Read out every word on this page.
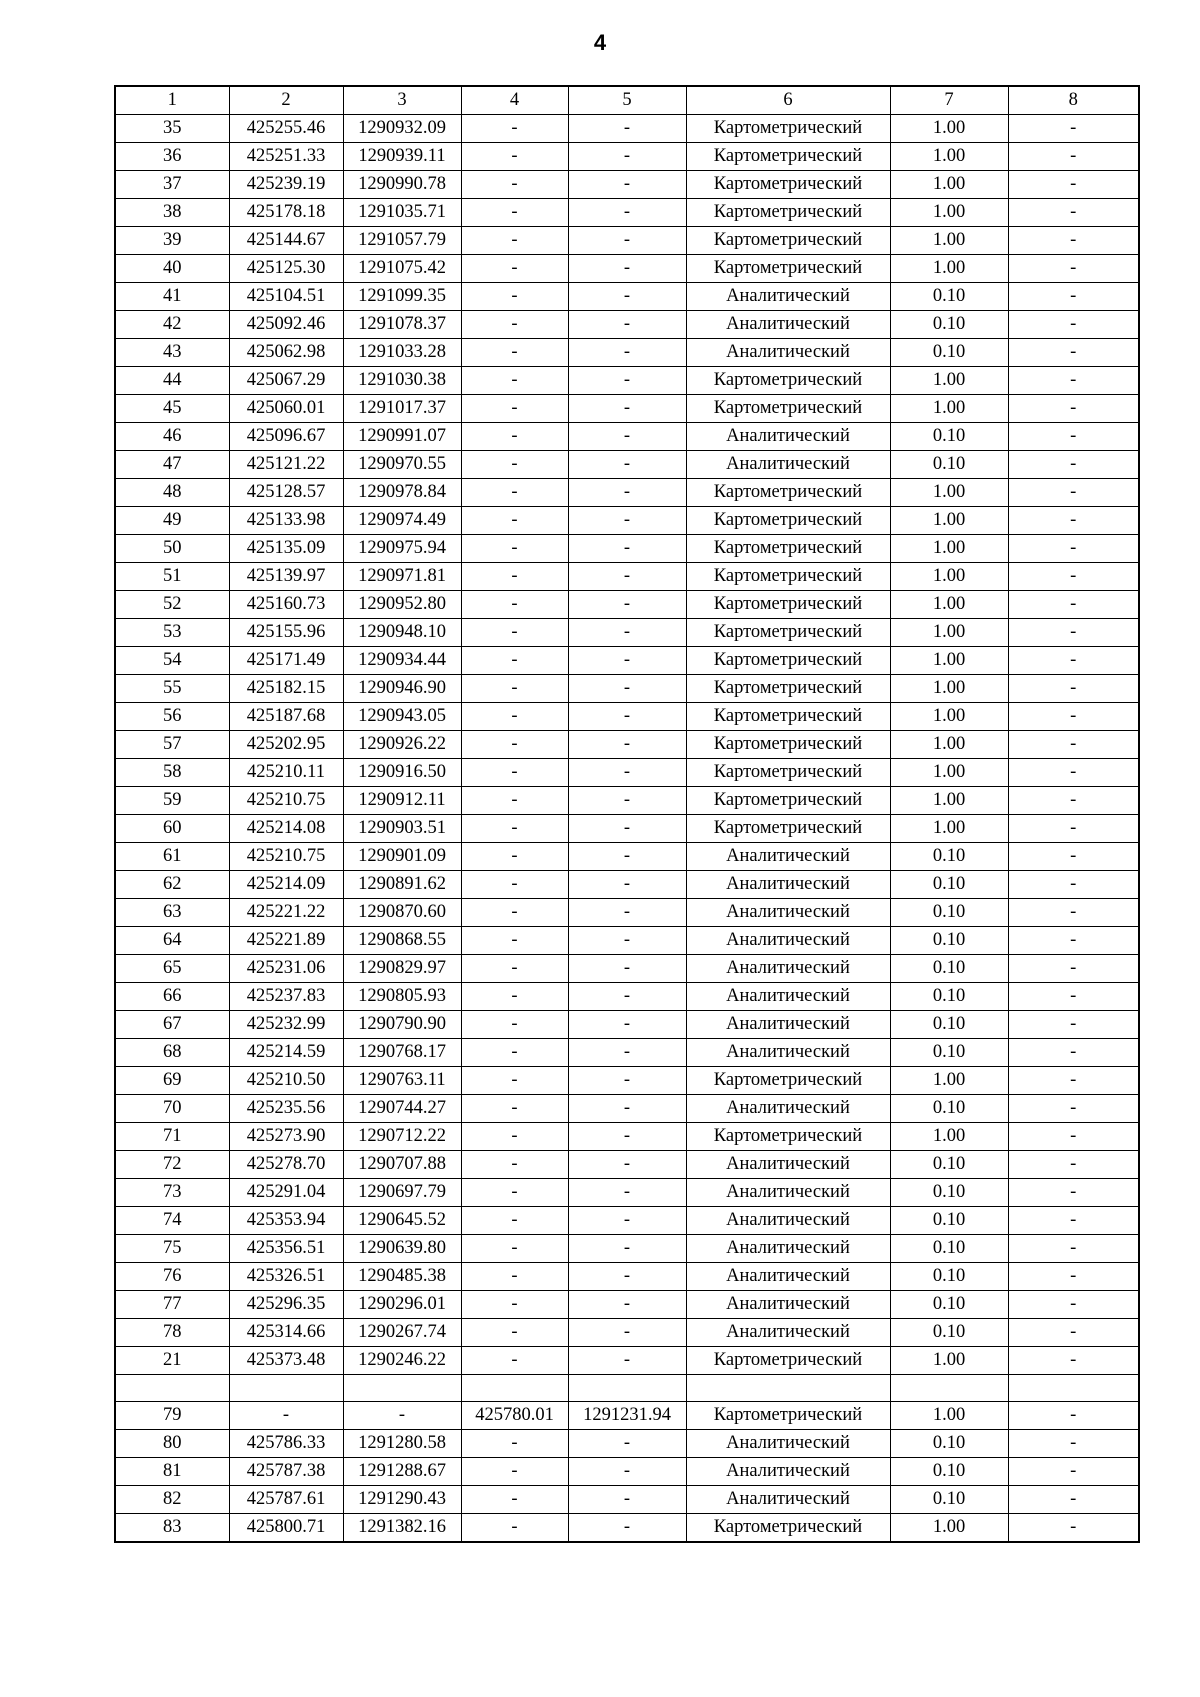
4
1	2	3	4	5	6	7	8
35	425255.46	1290932.09	-	-	Картометрический	1.00	-
36	425251.33	1290939.11	-	-	Картометрический	1.00	-
37	425239.19	1290990.78	-	-	Картометрический	1.00	-
38	425178.18	1291035.71	-	-	Картометрический	1.00	-
39	425144.67	1291057.79	-	-	Картометрический	1.00	-
40	425125.30	1291075.42	-	-	Картометрический	1.00	-
41	425104.51	1291099.35	-	-	Аналитический	0.10	-
42	425092.46	1291078.37	-	-	Аналитический	0.10	-
43	425062.98	1291033.28	-	-	Аналитический	0.10	-
44	425067.29	1291030.38	-	-	Картометрический	1.00	-
45	425060.01	1291017.37	-	-	Картометрический	1.00	-
46	425096.67	1290991.07	-	-	Аналитический	0.10	-
47	425121.22	1290970.55	-	-	Аналитический	0.10	-
48	425128.57	1290978.84	-	-	Картометрический	1.00	-
49	425133.98	1290974.49	-	-	Картометрический	1.00	-
50	425135.09	1290975.94	-	-	Картометрический	1.00	-
51	425139.97	1290971.81	-	-	Картометрический	1.00	-
52	425160.73	1290952.80	-	-	Картометрический	1.00	-
53	425155.96	1290948.10	-	-	Картометрический	1.00	-
54	425171.49	1290934.44	-	-	Картометрический	1.00	-
55	425182.15	1290946.90	-	-	Картометрический	1.00	-
56	425187.68	1290943.05	-	-	Картометрический	1.00	-
57	425202.95	1290926.22	-	-	Картометрический	1.00	-
58	425210.11	1290916.50	-	-	Картометрический	1.00	-
59	425210.75	1290912.11	-	-	Картометрический	1.00	-
60	425214.08	1290903.51	-	-	Картометрический	1.00	-
61	425210.75	1290901.09	-	-	Аналитический	0.10	-
62	425214.09	1290891.62	-	-	Аналитический	0.10	-
63	425221.22	1290870.60	-	-	Аналитический	0.10	-
64	425221.89	1290868.55	-	-	Аналитический	0.10	-
65	425231.06	1290829.97	-	-	Аналитический	0.10	-
66	425237.83	1290805.93	-	-	Аналитический	0.10	-
67	425232.99	1290790.90	-	-	Аналитический	0.10	-
68	425214.59	1290768.17	-	-	Аналитический	0.10	-
69	425210.50	1290763.11	-	-	Картометрический	1.00	-
70	425235.56	1290744.27	-	-	Аналитический	0.10	-
71	425273.90	1290712.22	-	-	Картометрический	1.00	-
72	425278.70	1290707.88	-	-	Аналитический	0.10	-
73	425291.04	1290697.79	-	-	Аналитический	0.10	-
74	425353.94	1290645.52	-	-	Аналитический	0.10	-
75	425356.51	1290639.80	-	-	Аналитический	0.10	-
76	425326.51	1290485.38	-	-	Аналитический	0.10	-
77	425296.35	1290296.01	-	-	Аналитический	0.10	-
78	425314.66	1290267.74	-	-	Аналитический	0.10	-
21	425373.48	1290246.22	-	-	Картометрический	1.00	-

79	-	-	425780.01	1291231.94	Картометрический	1.00	-
80	425786.33	1291280.58	-	-	Аналитический	0.10	-
81	425787.38	1291288.67	-	-	Аналитический	0.10	-
82	425787.61	1291290.43	-	-	Аналитический	0.10	-
83	425800.71	1291382.16	-	-	Картометрический	1.00	-
